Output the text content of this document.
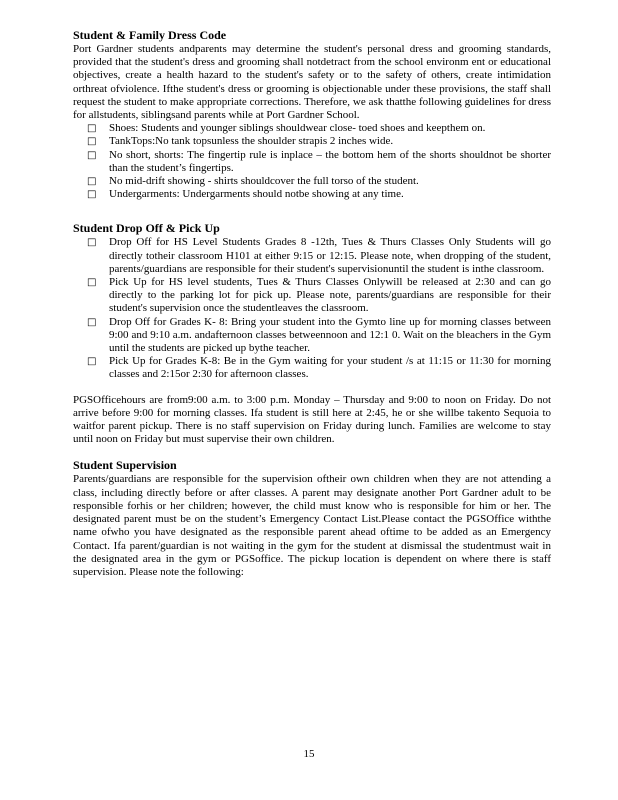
Student & Family Dress Code

Port Gardner students andparents may determine the student's personal dress and grooming standards, provided that the student's dress and grooming shall notdetract from the school environm ent or educational objectives, create a health hazard to the student's safety or to the safety of others, create intimidation orthreat ofviolence. Ifthe student's dress or grooming is objectionable under these provisions, the staff shall request the student to make appropriate corrections. Therefore, we ask thatthe following guidelines for dress for allstudents, siblingsand parents while at Port Gardner School.

□ Shoes: Students and younger siblings shouldwear close- toed shoes and keepthem on.
□ TankTops:No tank topsunless the shoulder strapis 2 inches wide.
□ No short, shorts: The fingertip rule is inplace – the bottom hem of the shorts shouldnot be shorter than the student’s fingertips.
□ No mid-drift showing - shirts shouldcover the full torso of the student.
□ Undergarments: Undergarments should notbe showing at any time.
Student Drop Off & Pick Up
□ Drop Off for HS Level Students Grades 8 -12th, Tues & Thurs Classes Only Students will go directly totheir classroom H101 at either 9:15 or 12:15. Please note, when dropping of the student, parents/guardians are responsible for their student's supervisionuntil the student is inthe classroom.
□ Pick Up for HS level students, Tues & Thurs Classes Onlywill be released at 2:30 and can go directly to the parking lot for pick up. Please note, parents/guardians are responsible for their student's supervision once the studentleaves the classroom.
□ Drop Off for Grades K- 8: Bring your student into the Gymto line up for morning classes between 9:00 and 9:10 a.m. andafternoon classes betweennoon and 12:1 0. Wait on the bleachers in the Gym until the students are picked up bythe teacher.
□ Pick Up for Grades K-8: Be in the Gym waiting for your student /s at 11:15 or 11:30 for morning classes and 2:15or 2:30 for afternoon classes.

PGSOfficehours are from9:00 a.m. to 3:00 p.m. Monday – Thursday and 9:00 to noon on Friday. Do not arrive before 9:00 for morning classes. Ifa student is still here at 2:45, he or she willbe takento Sequoia to waitfor parent pickup. There is no staff supervision on Friday during lunch. Families are welcome to stay until noon on Friday but must supervise their own children.

Student Supervision

Parents/guardians are responsible for the supervision oftheir own children when they are not attending a class, including directly before or after classes. A parent may designate another Port Gardner adult to be responsible forhis or her children; however, the child must know who is responsible for him or her. The designated parent must be on the student’s Emergency Contact List.Please contact the PGSOffice withthe name ofwho you have designated as the responsible parent ahead oftime to be added as an Emergency Contact. Ifa parent/guardian is not waiting in the gym for the student at dismissal the studentmust wait in the designated area in the gym or PGSoffice. The pickup location is dependent on where there is staff supervision. Please note the following:

15
